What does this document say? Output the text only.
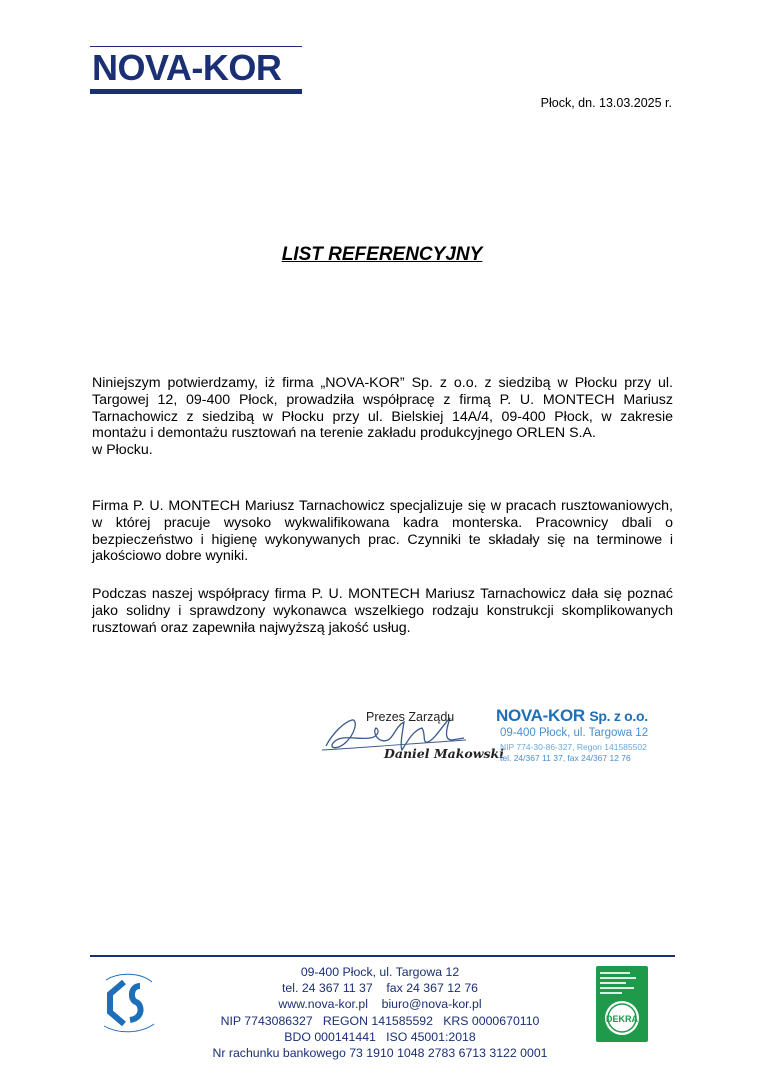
NOVA-KOR
Płock, dn. 13.03.2025 r.
LIST REFERENCYJNY
Niniejszym potwierdzamy, iż firma „NOVA-KOR” Sp. z o.o. z siedzibą w Płocku przy ul. Targowej 12, 09-400 Płock, prowadziła współpracę z firmą P. U. MONTECH Mariusz Tarnachowicz z siedzibą w Płocku przy ul. Bielskiej 14A/4, 09-400 Płock, w zakresie montażu i demontażu rusztowań na terenie zakładu produkcyjnego ORLEN S.A.
w Płocku.
Firma P. U. MONTECH Mariusz Tarnachowicz specjalizuje się w pracach rusztowaniowych, w której pracuje wysoko wykwalifikowana kadra monterska. Pracownicy dbali o bezpieczeństwo i higienę wykonywanych prac. Czynniki te składały się na terminowe i jakościowo dobre wyniki.
Podczas naszej współpracy firma P. U. MONTECH Mariusz Tarnachowicz dała się poznać jako solidny i sprawdzony wykonawca wszelkiego rodzaju konstrukcji skomplikowanych rusztowań oraz zapewniła najwyższą jakość usług.
Prezes Zarządu
Daniel Makowski
NOVA-KOR Sp. z o.o.
09-400 Płock, ul. Targowa 12
NIP 774-30-86-327, Regon 141585502
tel. 24/367 11 37, fax 24/367 12 76
09-400 Płock, ul. Targowa 12
tel. 24 367 11 37    fax 24 367 12 76
www.nova-kor.pl    biuro@nova-kor.pl
NIP 7743086327   REGON 141585592   KRS 0000670110
BDO 000141441   ISO 45001:2018
Nr rachunku bankowego 73 1910 1048 2783 6713 3122 0001
DEKRA
